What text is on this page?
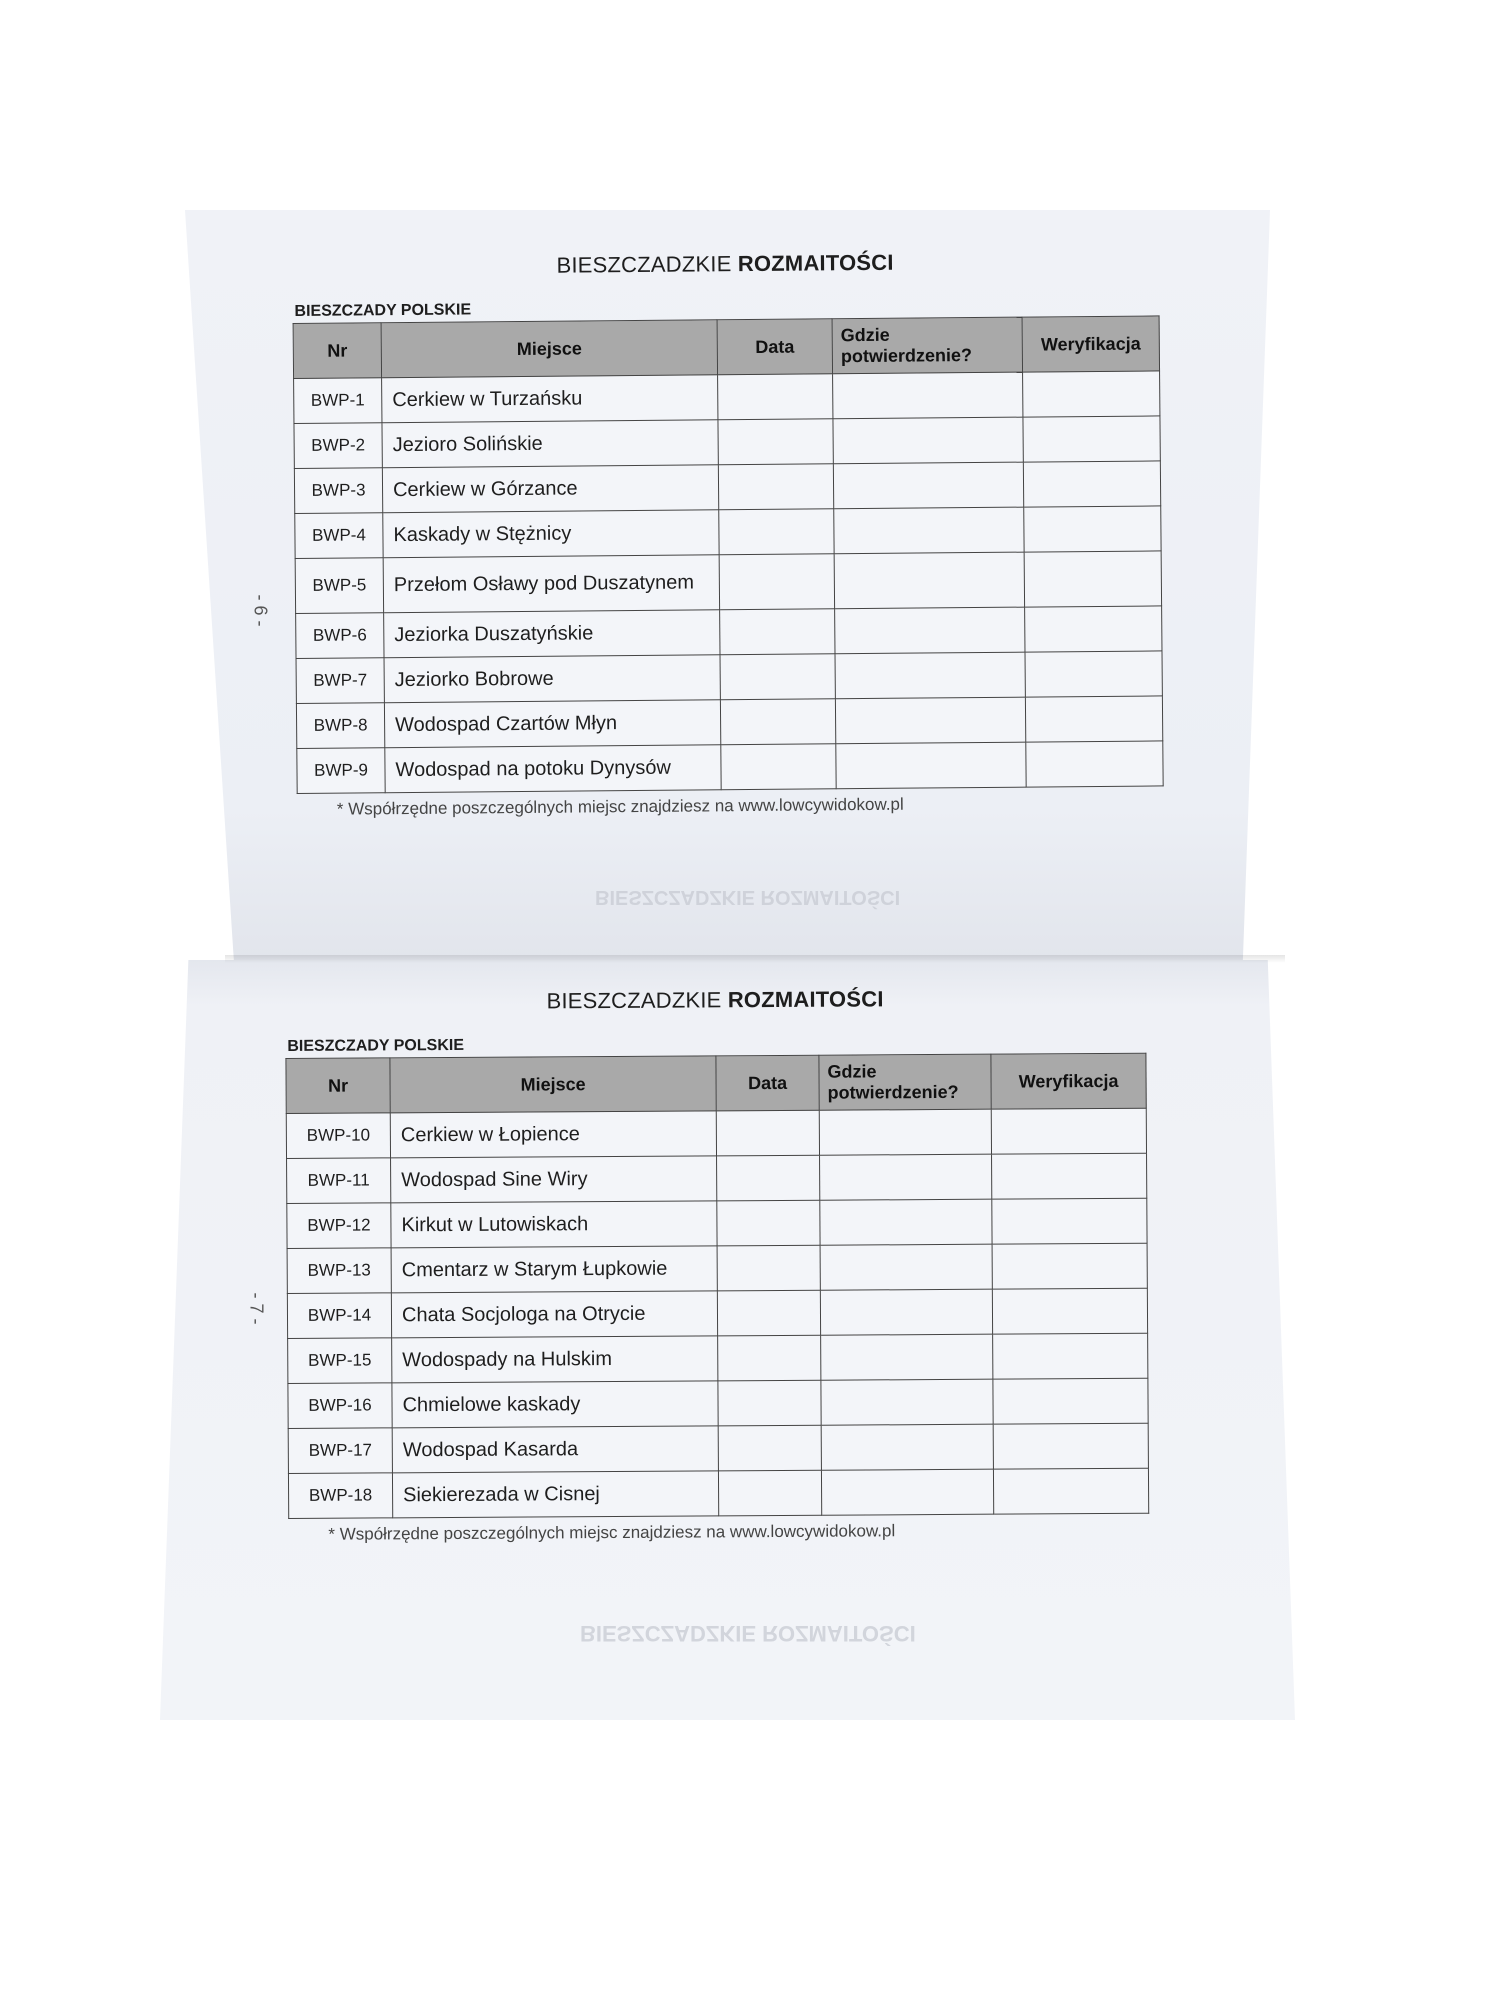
- 6 -
BIESZCZADZKIE ROZMAITOŚCI
BIESZCZADZKIE ROZMAITOŚCI
BIESZCZADY POLSKIE
Nr	Miejsce	Data	Gdzie potwierdzenie?	Weryfikacja
BWP-1	Cerkiew w Turzańsku			
BWP-2	Jezioro Solińskie			
BWP-3	Cerkiew w Górzance			
BWP-4	Kaskady w Stężnicy			
BWP-5	Przełom Osławy pod Duszatynem			
BWP-6	Jeziorka Duszatyńskie			
BWP-7	Jeziorko Bobrowe			
BWP-8	Wodospad Czartów Młyn			
BWP-9	Wodospad na potoku Dynysów			
* Współrzędne poszczególnych miejsc znajdziesz na www.lowcywidokow.pl
- 7 -
BIESZCZADZKIE ROZMAITOŚCI
BIESZCZADZKIE ROZMAITOŚCI
BIESZCZADY POLSKIE
Nr	Miejsce	Data	Gdzie potwierdzenie?	Weryfikacja
BWP-10	Cerkiew w Łopience			
BWP-11	Wodospad Sine Wiry			
BWP-12	Kirkut w Lutowiskach			
BWP-13	Cmentarz w Starym Łupkowie			
BWP-14	Chata Socjologa na Otrycie			
BWP-15	Wodospady na Hulskim			
BWP-16	Chmielowe kaskady			
BWP-17	Wodospad Kasarda			
BWP-18	Siekierezada w Cisnej			
* Współrzędne poszczególnych miejsc znajdziesz na www.lowcywidokow.pl
